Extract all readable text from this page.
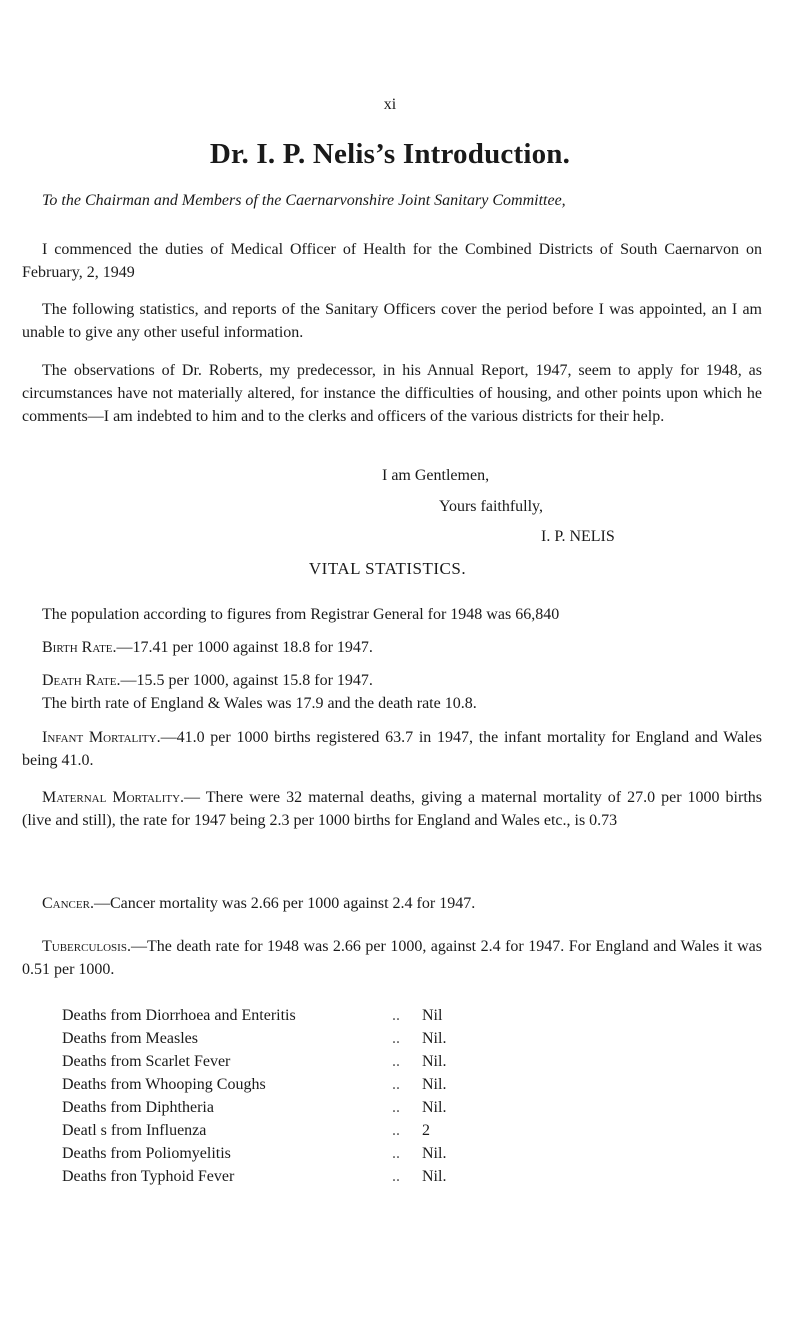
xi
Dr. I. P. Nelis’s Introduction.
To the Chairman and Members of the Caernarvonshire Joint Sanitary Committee,
I commenced the duties of Medical Officer of Health for the Combined Districts of South Caernarvon on February, 2, 1949
The following statistics, and reports of the Sanitary Officers cover the period before I was appointed, an I am unable to give any other useful information.
The observations of Dr. Roberts, my predecessor, in his Annual Report, 1947, seem to apply for 1948, as circumstances have not materially altered, for instance the difficulties of housing, and other points upon which he comments—I am indebted to him and to the clerks and officers of the various districts for their help.
I am Gentlemen,
Yours faithfully,
I. P. NELIS
VITAL STATISTICS.
The population according to figures from Registrar General for 1948 was 66,840
Birth Rate.—17.41 per 1000 against 18.8 for 1947.
Death Rate.—15.5 per 1000, against 15.8 for 1947.
The birth rate of England & Wales was 17.9 and the death rate 10.8.
Infant Mortality.—41.0 per 1000 births registered 63.7 in 1947, the infant mortality for England and Wales being 41.0.
Maternal Mortality.— There were 32 maternal deaths, giving a maternal mortality of 27.0 per 1000 births (live and still), the rate for 1947 being 2.3 per 1000 births for England and Wales etc., is 0.73
Cancer.—Cancer mortality was 2.66 per 1000 against 2.4 for 1947.
Tuberculosis.—The death rate for 1948 was 2.66 per 1000, against 2.4 for 1947. For England and Wales it was 0.51 per 1000.
Deaths from Diorrhoea and Enteritis	..	Nil
Deaths from Measles	..	Nil.
Deaths from Scarlet Fever	..	Nil.
Deaths from Whooping Coughs	..	Nil.
Deaths from Diphtheria	..	Nil.
Deatl s from Influenza	..	2
Deaths from Poliomyelitis	..	Nil.
Deaths fron Typhoid Fever	..	Nil.
